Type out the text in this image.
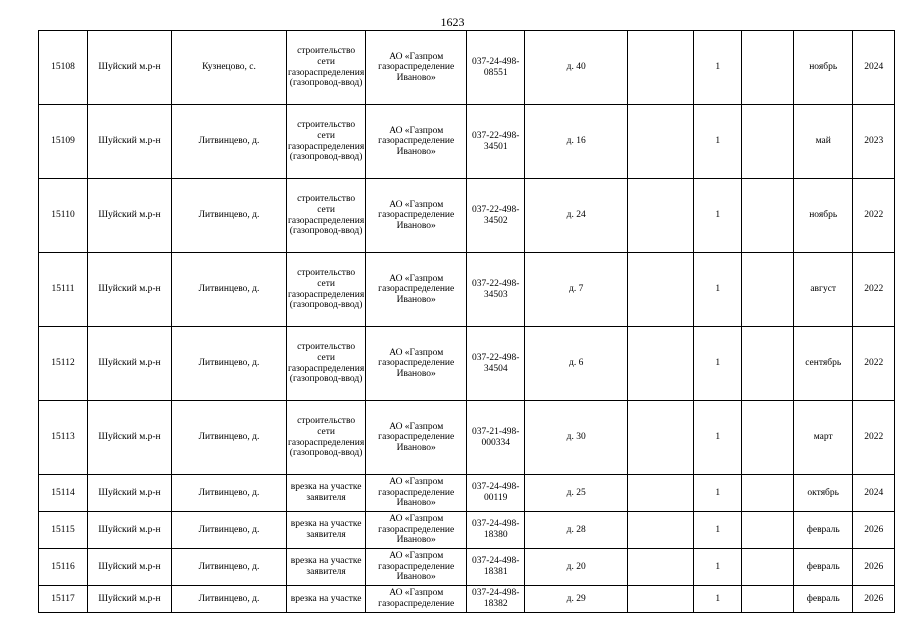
1623
15108	Шуйский м.р-н	Кузнецово, с.	строительство сети газораспределения (газопровод-ввод)	АО «Газпром газораспределение Иваново»	037-24-498-08551	д. 40		1		ноябрь	2024
15109	Шуйский м.р-н	Литвинцево, д.	строительство сети газораспределения (газопровод-ввод)	АО «Газпром газораспределение Иваново»	037-22-498-34501	д. 16		1		май	2023
15110	Шуйский м.р-н	Литвинцево, д.	строительство сети газораспределения (газопровод-ввод)	АО «Газпром газораспределение Иваново»	037-22-498-34502	д. 24		1		ноябрь	2022
15111	Шуйский м.р-н	Литвинцево, д.	строительство сети газораспределения (газопровод-ввод)	АО «Газпром газораспределение Иваново»	037-22-498-34503	д. 7		1		август	2022
15112	Шуйский м.р-н	Литвинцево, д.	строительство сети газораспределения (газопровод-ввод)	АО «Газпром газораспределение Иваново»	037-22-498-34504	д. 6		1		сентябрь	2022
15113	Шуйский м.р-н	Литвинцево, д.	строительство сети газораспределения (газопровод-ввод)	АО «Газпром газораспределение Иваново»	037-21-498-000334	д. 30		1		март	2022
15114	Шуйский м.р-н	Литвинцево, д.	врезка на участке заявителя	АО «Газпром газораспределение Иваново»	037-24-498-00119	д. 25		1		октябрь	2024
15115	Шуйский м.р-н	Литвинцево, д.	врезка на участке заявителя	АО «Газпром газораспределение Иваново»	037-24-498-18380	д. 28		1		февраль	2026
15116	Шуйский м.р-н	Литвинцево, д.	врезка на участке заявителя	АО «Газпром газораспределение Иваново»	037-24-498-18381	д. 20		1		февраль	2026
15117	Шуйский м.р-н	Литвинцево, д.	врезка на участке	АО «Газпром газораспределение	037-24-498-18382	д. 29		1		февраль	2026
